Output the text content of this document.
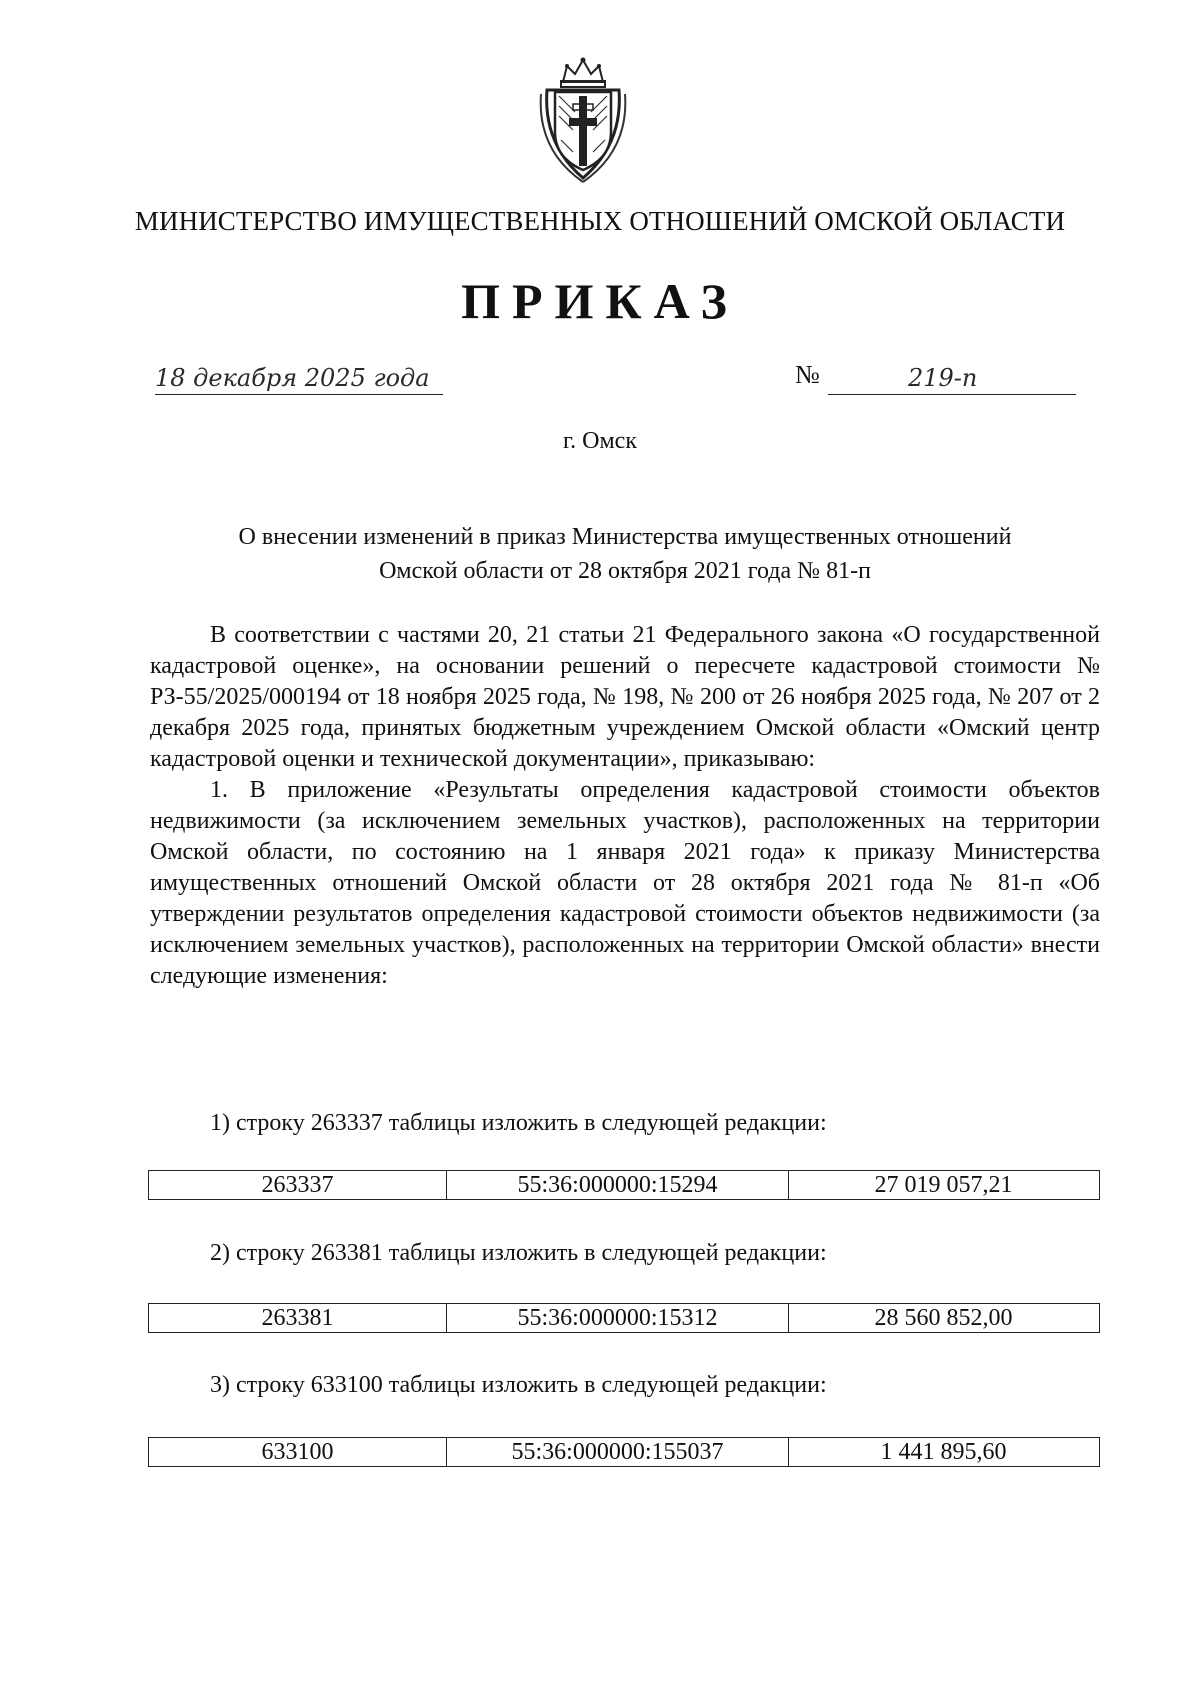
МИНИСТЕРСТВО ИМУЩЕСТВЕННЫХ ОТНОШЕНИЙ ОМСКОЙ ОБЛАСТИ
ПРИКАЗ
18 декабря 2025 года	№	219-п
г. Омск
О внесении изменений в приказ Министерства имущественных отношений
Омской области от 28 октября 2021 года № 81-п

В соответствии с частями 20, 21 статьи 21 Федерального закона «О государственной кадастровой оценке», на основании решений о пересчете кадастровой стоимости № РЗ-55/2025/000194 от 18 ноября 2025 года, № 198, № 200 от 26 ноября 2025 года, № 207 от 2 декабря 2025 года, принятых бюджетным учреждением Омской области «Омский центр кадастровой оценки и технической документации», приказываю:

1. В приложение «Результаты определения кадастровой стоимости объектов недвижимости (за исключением земельных участков), расположенных на территории Омской области, по состоянию на 1 января 2021 года» к приказу Министерства имущественных отношений Омской области от 28 октября 2021 года № 81-п «Об утверждении результатов определения кадастровой стоимости объектов недвижимости (за исключением земельных участков), расположенных на территории Омской области» внести следующие изменения:

1) строку 263337 таблицы изложить в следующей редакции:
263337	55:36:000000:15294	27 019 057,21
2) строку 263381 таблицы изложить в следующей редакции:
263381	55:36:000000:15312	28 560 852,00
3) строку 633100 таблицы изложить в следующей редакции:
633100	55:36:000000:155037	1 441 895,60
